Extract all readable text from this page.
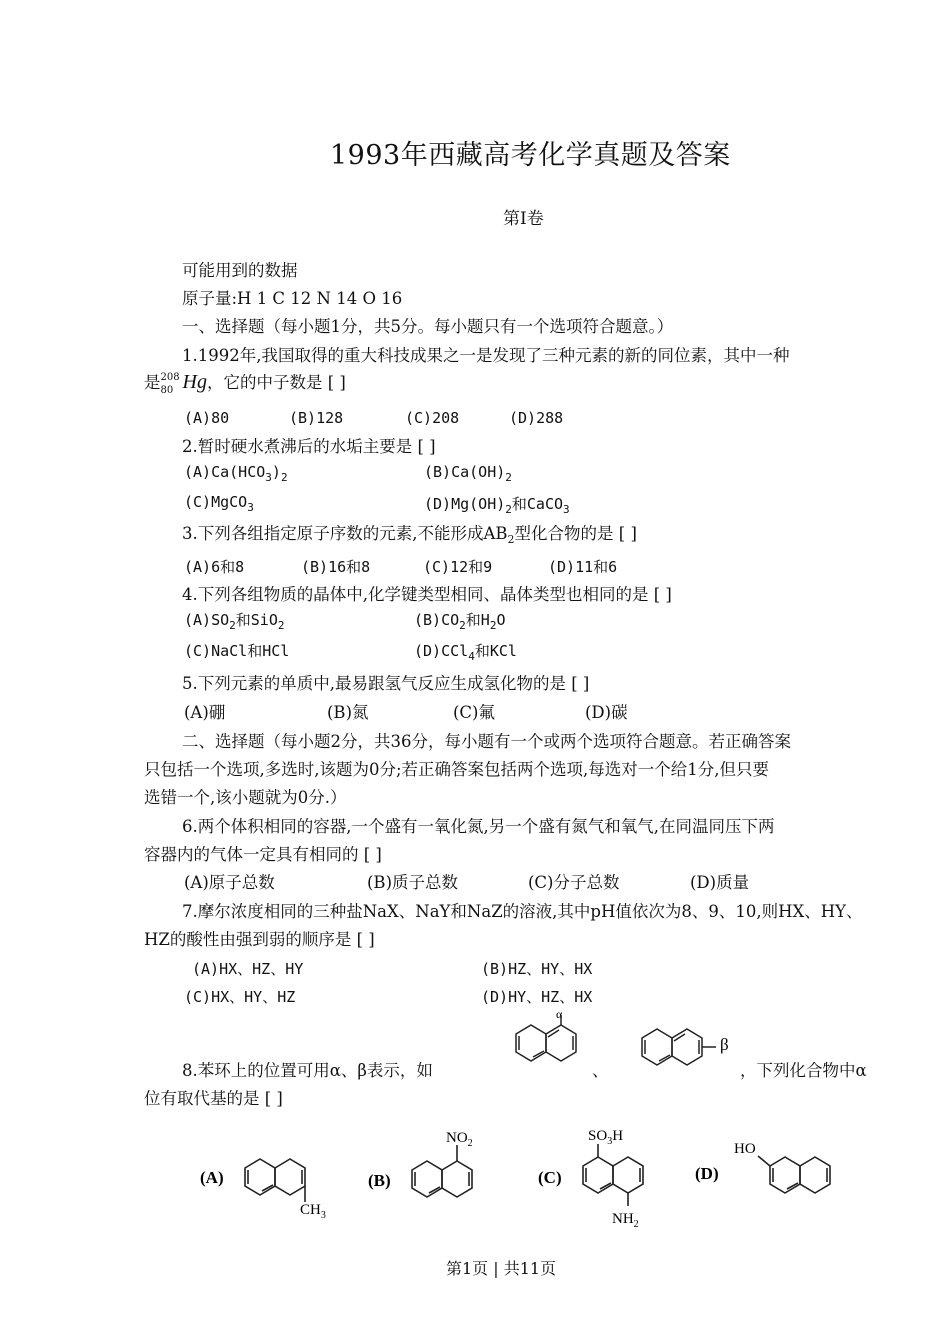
1993年西藏高考化学真题及答案
第Ⅰ卷
可能用到的数据
原子量:H 1 C 12 N 14 O 16
一、选择题（每小题1分，共5分。每小题只有一个选项符合题意。）
1.1992年,我国取得的重大科技成果之一是发现了三种元素的新的同位素，其中一种
是 208
80 Hg，它的中子数是 [ ]
(A)80	(B)128	(C)208	(D)288
2.暂时硬水煮沸后的水垢主要是 [ ]
$(A)Ca(HCO_3)_2$	$(B)Ca(OH)_2$
(C)MgCO$_3$	$(D)Mg(OH)_2$和CaCO$_3$
3.下列各组指定原子序数的元素,不能形成$AB_2$型化合物的是 [ ]
(A)6和8	(B)16和8	(C)12和9	(D)11和6
4.下列各组物质的晶体中,化学键类型相同、晶体类型也相同的是 [ ]
$(A)SO_2$和SiO$_2$	$(B)CO_2$和$H_2O$
(C)NaCl和HCl	(D)CCl$_4$和KCl
5.下列元素的单质中,最易跟氢气反应生成氢化物的是 [ ]
(A)硼	(B)氮	(C)氟	(D)碳
二、选择题（每小题2分，共36分，每小题有一个或两个选项符合题意。若正确答案
只包括一个选项,多选时,该题为0分;若正确答案包括两个选项,每选对一个给1分,但只要
选错一个,该小题就为0分.）
6.两个体积相同的容器,一个盛有一氧化氮,另一个盛有氮气和氧气,在同温同压下两
容器内的气体一定具有相同的 [ ]
(A)原子总数	(B)质子总数	(C)分子总数	(D)质量
7.摩尔浓度相同的三种盐NaX、NaY和NaZ的溶液,其中pH值依次为8、9、10,则HX、HY、
HZ的酸性由强到弱的顺序是 [ ]
(A)HX、HZ、HY	(B)HZ、HY、HX
(C)HX、HY、HZ	(D)HY、HZ、HX
8.苯环上的位置可用α、β表示，如	、	，下列化合物中α
位有取代基的是 [ ]
α
β
(A)	(B)	(C)	(D)
$CH_3$
$NO_2$	$SO_3H$
$NH_2$
HO
第1页 | 共11页
